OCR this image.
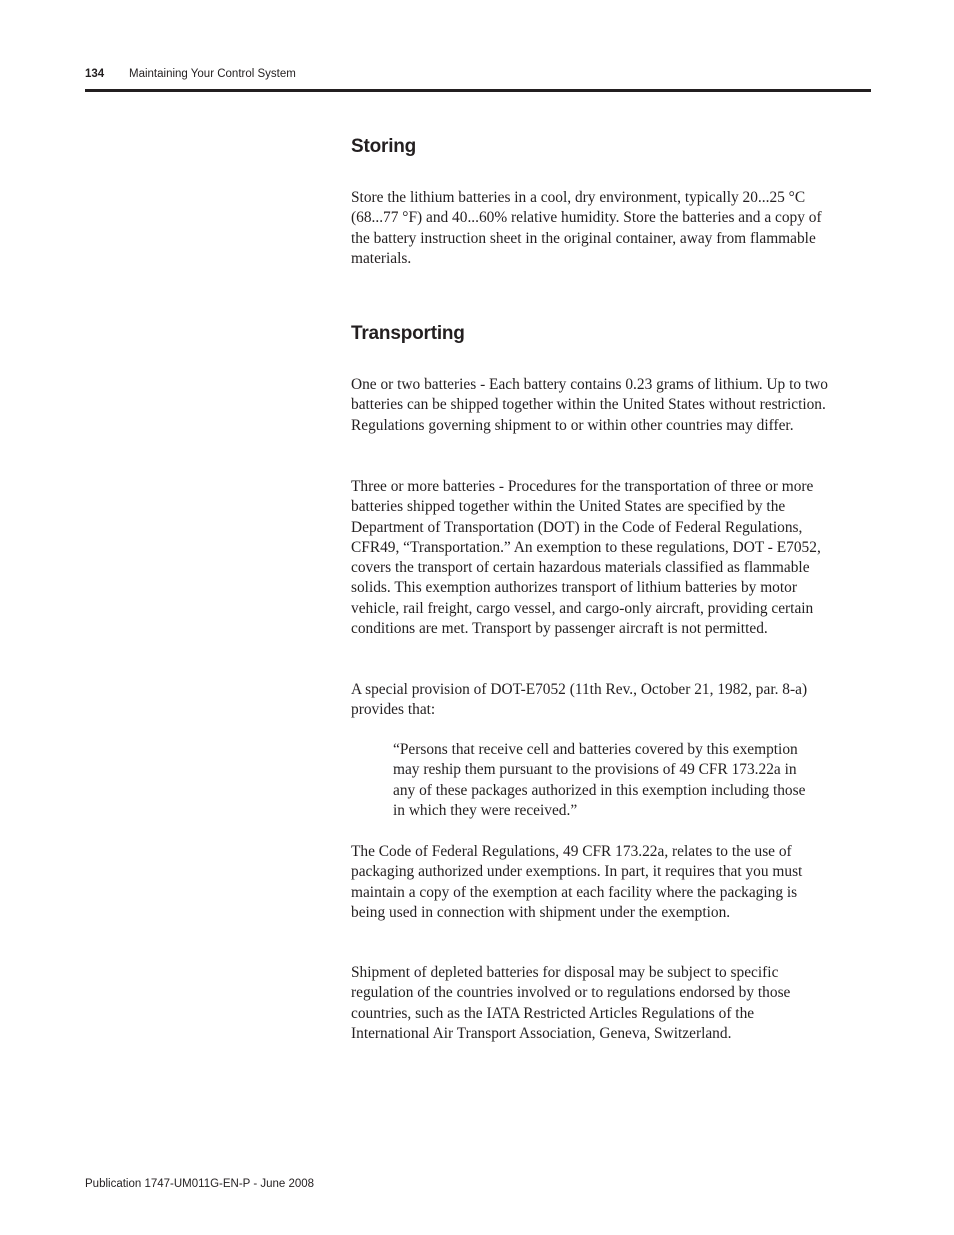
134 Maintaining Your Control System
Storing

Store the lithium batteries in a cool, dry environment, typically 20...25 °C (68...77 °F) and 40...60% relative humidity. Store the batteries and a copy of the battery instruction sheet in the original container, away from flammable materials.

Transporting

One or two batteries - Each battery contains 0.23 grams of lithium. Up to two batteries can be shipped together within the United States without restriction. Regulations governing shipment to or within other countries may differ.

Three or more batteries - Procedures for the transportation of three or more batteries shipped together within the United States are specified by the Department of Transportation (DOT) in the Code of Federal Regulations, CFR49, “Transportation.” An exemption to these regulations, DOT - E7052, covers the transport of certain hazardous materials classified as flammable solids. This exemption authorizes transport of lithium batteries by motor vehicle, rail freight, cargo vessel, and cargo-only aircraft, providing certain conditions are met. Transport by passenger aircraft is not permitted.

A special provision of DOT-E7052 (11th Rev., October 21, 1982, par. 8-a) provides that:

“Persons that receive cell and batteries covered by this exemption may reship them pursuant to the provisions of 49 CFR 173.22a in any of these packages authorized in this exemption including those in which they were received.”

The Code of Federal Regulations, 49 CFR 173.22a, relates to the use of packaging authorized under exemptions. In part, it requires that you must maintain a copy of the exemption at each facility where the packaging is being used in connection with shipment under the exemption.

Shipment of depleted batteries for disposal may be subject to specific regulation of the countries involved or to regulations endorsed by those countries, such as the IATA Restricted Articles Regulations of the International Air Transport Association, Geneva, Switzerland.

Publication 1747-UM011G-EN-P - June 2008
